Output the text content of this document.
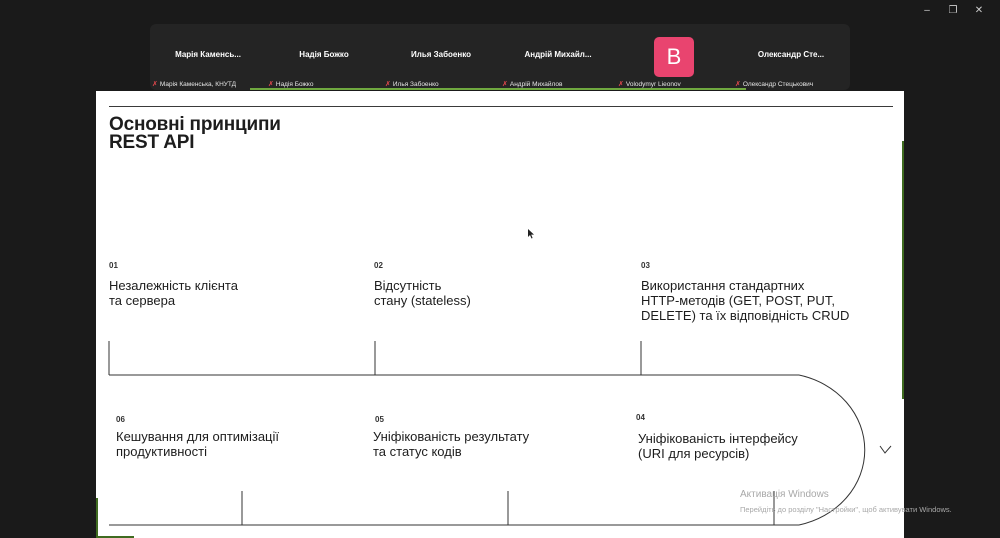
–	❐	✕
Марія Каменсь...
✗ Марія Каменська, КНУТД
Надія Божко
✗ Надія Божко
Илья Забоенко
✗ Илья Забоенко
Андрій Михайл...
✗ Андрій Михайлов	✗ Volodymyr Lieonov
B	Олександр Сте...
✗ Олександр Стецькович
Основні принципи
REST API
01
Незалежність клієнта
та сервера
02
Відсутність
стану (stateless)
03
Використання стандартних
HTTP-методів (GET, POST, PUT,
DELETE) та їх відповідність CRUD
04
Уніфікованість інтерфейсу
(URI для ресурсів)
05
Уніфікованість результату
та статус кодів
06
Кешування для оптимізації
продуктивності
Активація Windows
Перейдіть до розділу "Настройки", щоб активувати Windows.
